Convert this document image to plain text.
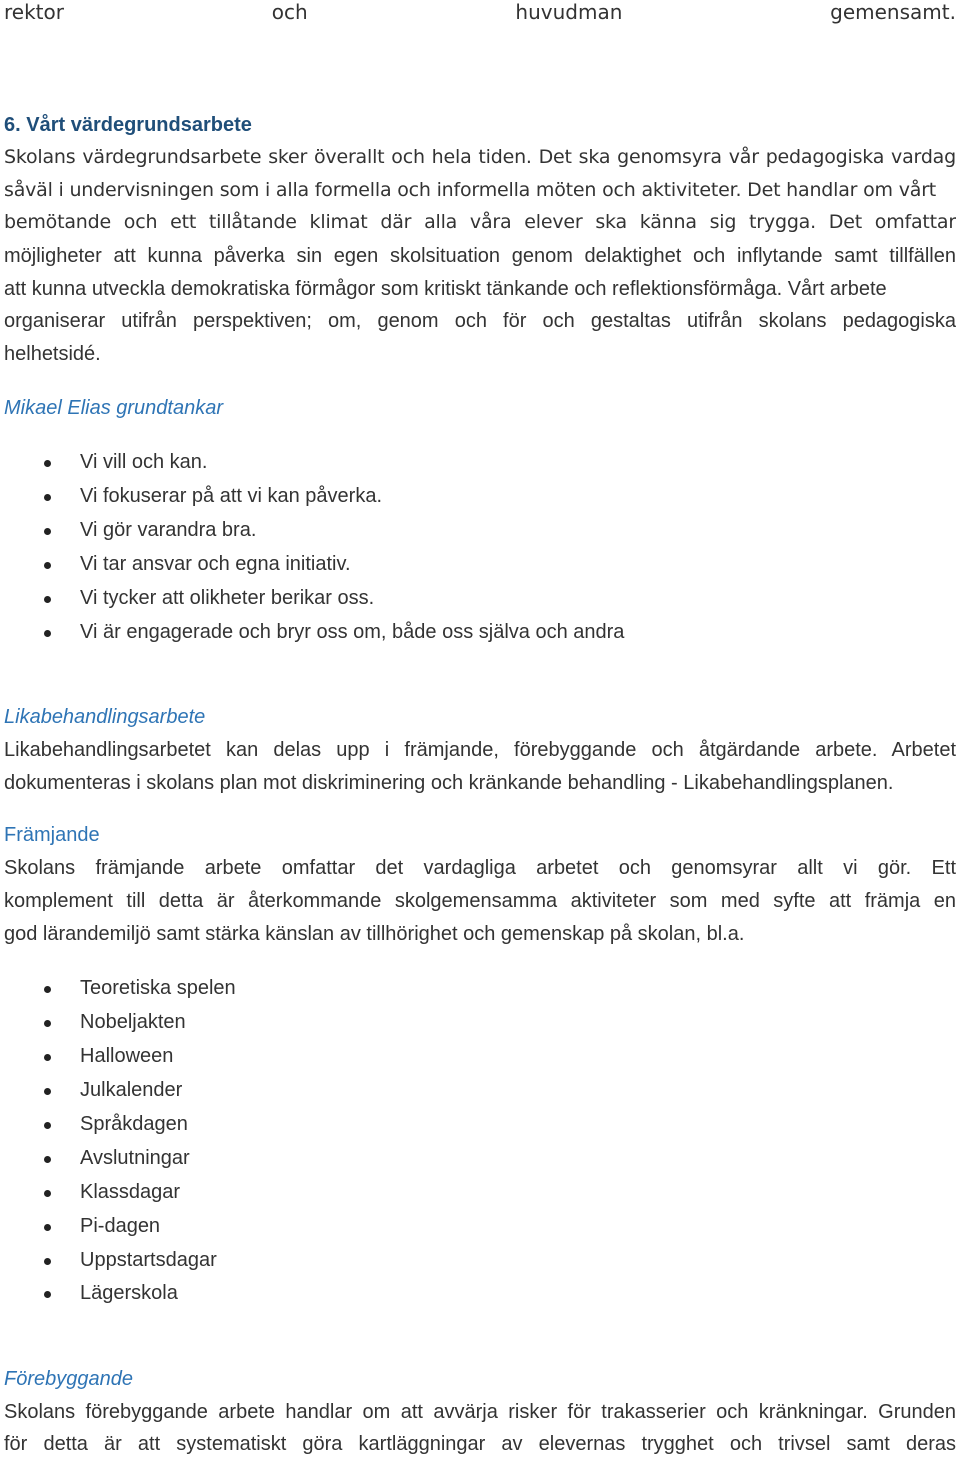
rektor	och	huvudman	gemensamt.
6. Vårt värdegrundsarbete
Skolans värdegrundsarbete sker överallt och hela tiden. Det ska genomsyra vår pedagogiska vardag
såväl i undervisningen som i alla formella och informella möten och aktiviteter. Det handlar om vårt
bemötande och ett tillåtande klimat där alla våra elever ska känna sig trygga. Det omfattar
möjligheter att kunna påverka sin egen skolsituation genom delaktighet och inflytande samt tillfällen
att kunna utveckla demokratiska förmågor som kritiskt tänkande och reflektionsförmåga. Vårt arbete
organiserar utifrån perspektiven; om, genom och för och gestaltas utifrån skolans pedagogiska
helhetsidé.
Mikael Elias grundtankar
Vi vill och kan.
Vi fokuserar på att vi kan påverka.
Vi gör varandra bra.
Vi tar ansvar och egna initiativ.
Vi tycker att olikheter berikar oss.
Vi är engagerade och bryr oss om, både oss själva och andra
Likabehandlingsarbete
Likabehandlingsarbetet kan delas upp i främjande, förebyggande och åtgärdande arbete. Arbetet
dokumenteras i skolans plan mot diskriminering och kränkande behandling - Likabehandlingsplanen.
Främjande
Skolans främjande arbete omfattar det vardagliga arbetet och genomsyrar allt vi gör. Ett
komplement till detta är återkommande skolgemensamma aktiviteter som med syfte att främja en
god lärandemiljö samt stärka känslan av tillhörighet och gemenskap på skolan, bl.a.
Teoretiska spelen
Nobeljakten
Halloween
Julkalender
Språkdagen
Avslutningar
Klassdagar
Pi-dagen
Uppstartsdagar
Lägerskola
Förebyggande
Skolans förebyggande arbete handlar om att avvärja risker för trakasserier och kränkningar. Grunden
för detta är att systematiskt göra kartläggningar av elevernas trygghet och trivsel samt deras
